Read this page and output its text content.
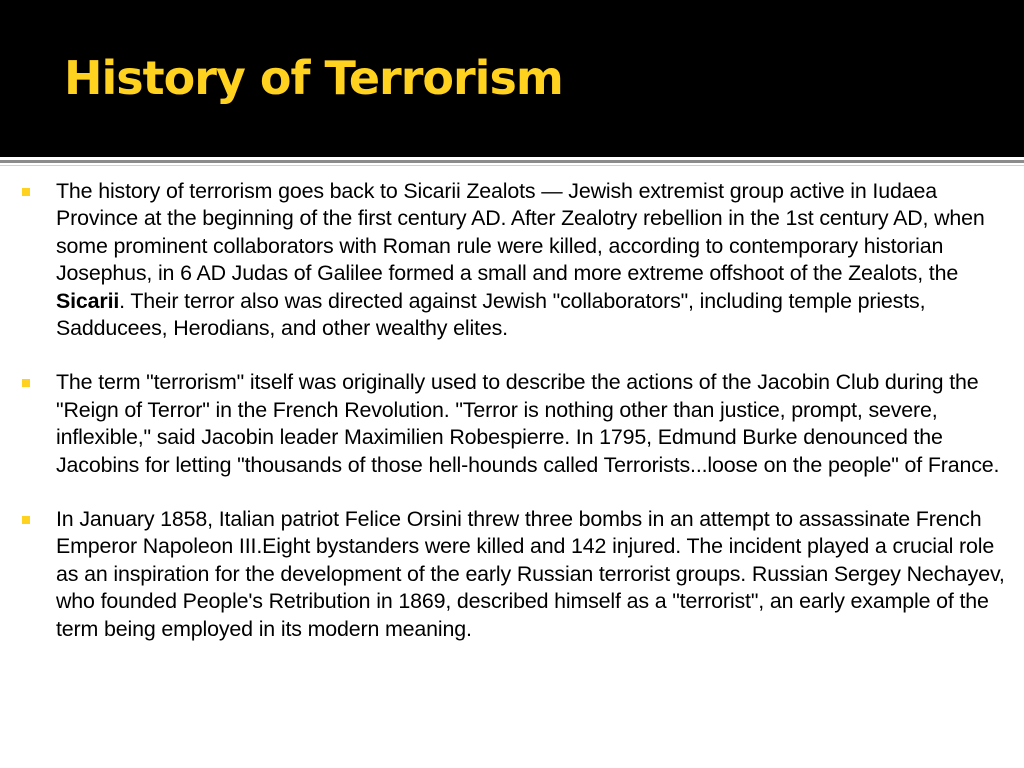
History of Terrorism
The history of terrorism goes back to Sicarii Zealots — Jewish extremist group active in Iudaea Province at the beginning of the first century AD. After Zealotry rebellion in the 1st century AD, when some prominent collaborators with Roman rule were killed, according to contemporary historian Josephus, in 6 AD Judas of Galilee formed a small and more extreme offshoot of the Zealots, the Sicarii. Their terror also was directed against Jewish "collaborators", including temple priests, Sadducees, Herodians, and other wealthy elites.
The term "terrorism" itself was originally used to describe the actions of the Jacobin Club during the "Reign of Terror" in the French Revolution. "Terror is nothing other than justice, prompt, severe, inflexible," said Jacobin leader Maximilien Robespierre. In 1795, Edmund Burke denounced the Jacobins for letting "thousands of those hell-hounds called Terrorists...loose on the people" of France.
In January 1858, Italian patriot Felice Orsini threw three bombs in an attempt to assassinate French Emperor Napoleon III.Eight bystanders were killed and 142 injured. The incident played a crucial role as an inspiration for the development of the early Russian terrorist groups. Russian Sergey Nechayev, who founded People's Retribution in 1869, described himself as a "terrorist", an early example of the term being employed in its modern meaning.
